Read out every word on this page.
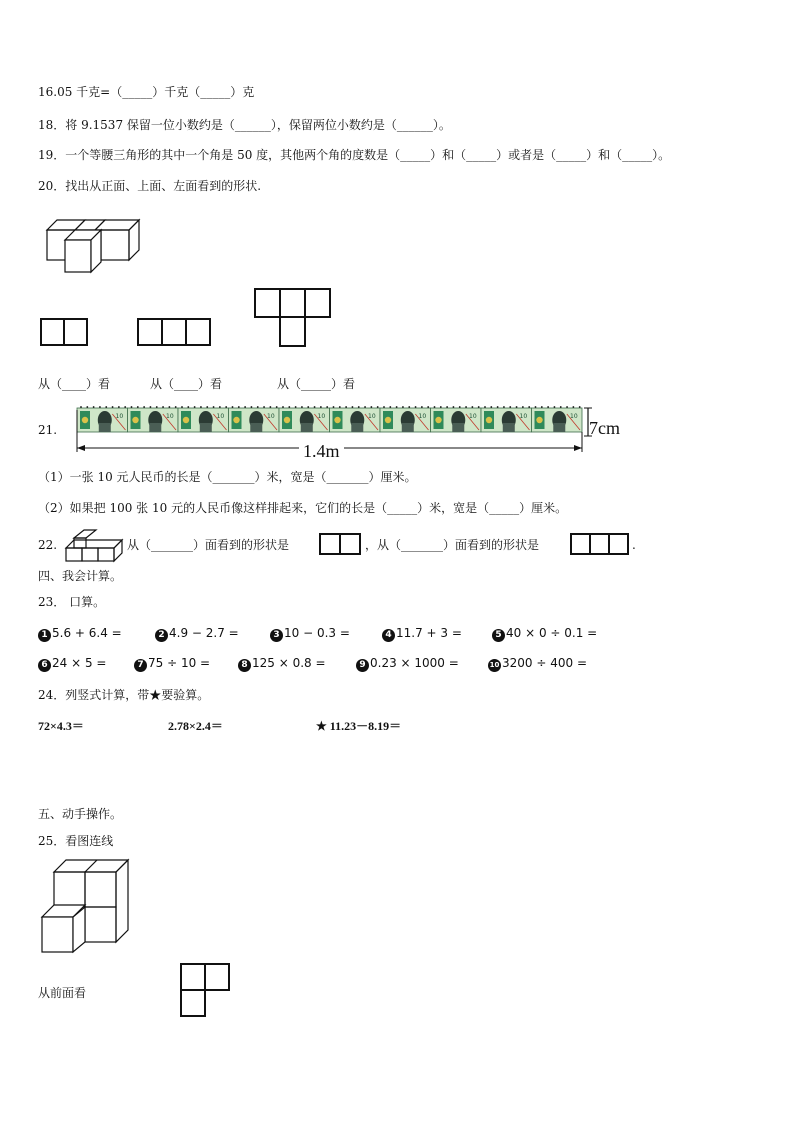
16.05 千克=（_____）千克（_____）克
18．将 9.1537 保留一位小数约是（______），保留两位小数约是（______）。
19．一个等腰三角形的其中一个角是 50 度，其他两个角的度数是（_____）和（_____）或者是（_____）和（_____）。
20．找出从正面、上面、左面看到的形状.
从（____）看	从（____）看	从（_____）看
21.
10	10	10	10	10	10	10	10	10	10
7cm
1.4m
（1）一张 10 元人民币的长是（_______）米，宽是（_______）厘米。
（2）如果把 100 张 10 元的人民币像这样排起来，它们的长是（_____）米，宽是（_____）厘米。
22.	从（_______）面看到的形状是	，从（_______）面看到的形状是	.
四、我会计算。
23． 口算。
1 5.6 + 6.4 =	2 4.9 − 2.7 =	3 10 − 0.3 =	4 11.7 + 3 =	5 40 × 0 ÷ 0.1 =
6 24 × 5 =	7 75 ÷ 10 =	8 125 × 0.8 =	9 0.23 × 1000 =	10 3200 ÷ 400 =
24．列竖式计算，带★要验算。
72×4.3＝	2.78×2.4＝	★ 11.23－8.19＝
五、动手操作。
25．看图连线
从前面看
